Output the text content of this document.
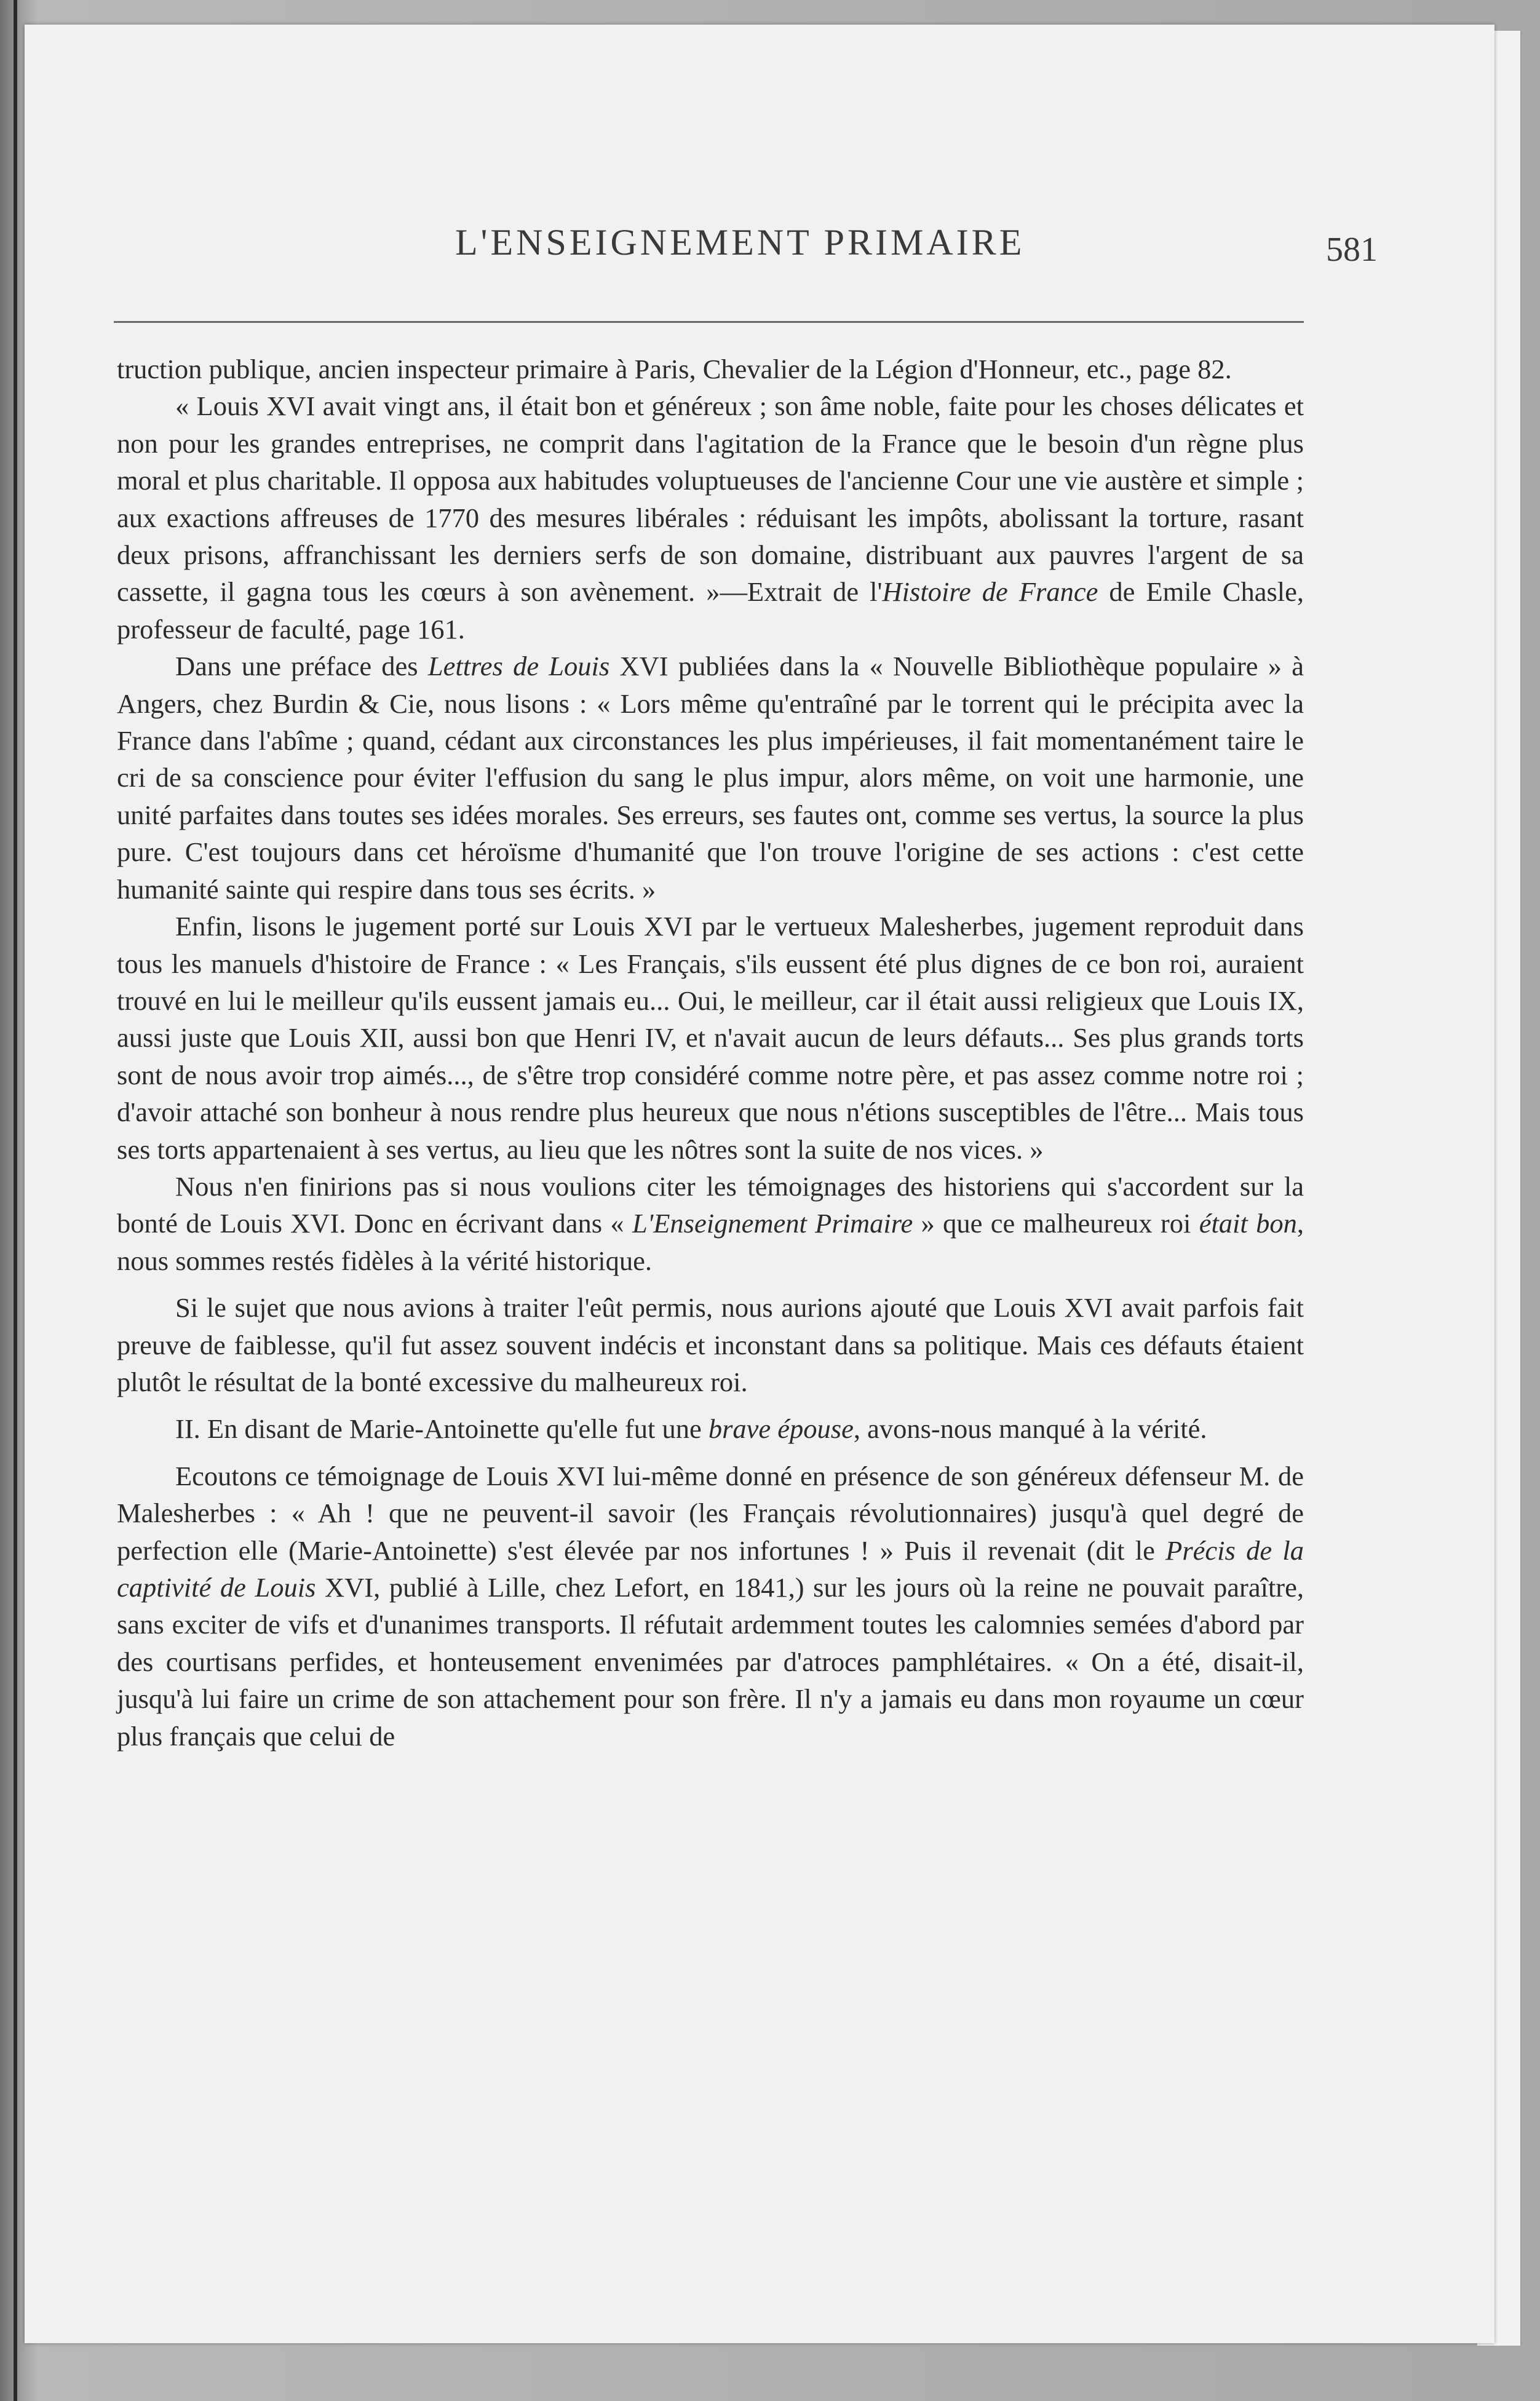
L'ENSEIGNEMENT PRIMAIRE	581

truction publique, ancien inspecteur primaire à Paris, Chevalier de la Légion d'Honneur, etc., page 82.

« Louis XVI avait vingt ans, il était bon et généreux ; son âme noble, faite pour les choses délicates et non pour les grandes entreprises, ne comprit dans l'agitation de la France que le besoin d'un règne plus moral et plus charitable. Il opposa aux habitudes voluptueuses de l'ancienne Cour une vie austère et simple ; aux exactions affreuses de 1770 des mesures libérales : réduisant les impôts, abolissant la torture, rasant deux prisons, affranchissant les derniers serfs de son domaine, distribuant aux pauvres l'argent de sa cassette, il gagna tous les cœurs à son avènement. »—Extrait de l'Histoire de France de Emile Chasle, professeur de faculté, page 161.

Dans une préface des Lettres de Louis XVI publiées dans la « Nouvelle Bibliothèque populaire » à Angers, chez Burdin & Cie, nous lisons : « Lors même qu'entraîné par le torrent qui le précipita avec la France dans l'abîme ; quand, cédant aux circonstances les plus impérieuses, il fait momentanément taire le cri de sa conscience pour éviter l'effusion du sang le plus impur, alors même, on voit une harmonie, une unité parfaites dans toutes ses idées morales. Ses erreurs, ses fautes ont, comme ses vertus, la source la plus pure. C'est toujours dans cet héroïsme d'humanité que l'on trouve l'origine de ses actions : c'est cette humanité sainte qui respire dans tous ses écrits. »

Enfin, lisons le jugement porté sur Louis XVI par le vertueux Malesherbes, jugement reproduit dans tous les manuels d'histoire de France : « Les Français, s'ils eussent été plus dignes de ce bon roi, auraient trouvé en lui le meilleur qu'ils eussent jamais eu... Oui, le meilleur, car il était aussi religieux que Louis IX, aussi juste que Louis XII, aussi bon que Henri IV, et n'avait aucun de leurs défauts... Ses plus grands torts sont de nous avoir trop aimés..., de s'être trop considéré comme notre père, et pas assez comme notre roi ; d'avoir attaché son bonheur à nous rendre plus heureux que nous n'étions susceptibles de l'être... Mais tous ses torts appartenaient à ses vertus, au lieu que les nôtres sont la suite de nos vices. »

Nous n'en finirions pas si nous voulions citer les témoignages des historiens qui s'accordent sur la bonté de Louis XVI. Donc en écrivant dans « L'Enseignement Primaire » que ce malheureux roi était bon, nous sommes restés fidèles à la vérité historique.

Si le sujet que nous avions à traiter l'eût permis, nous aurions ajouté que Louis XVI avait parfois fait preuve de faiblesse, qu'il fut assez souvent indécis et inconstant dans sa politique. Mais ces défauts étaient plutôt le résultat de la bonté excessive du malheureux roi.

II. En disant de Marie-Antoinette qu'elle fut une brave épouse, avons-nous manqué à la vérité.

Ecoutons ce témoignage de Louis XVI lui-même donné en présence de son généreux défenseur M. de Malesherbes : « Ah ! que ne peuvent-il savoir (les Français révolutionnaires) jusqu'à quel degré de perfection elle (Marie-Antoinette) s'est élevée par nos infortunes ! » Puis il revenait (dit le Précis de la captivité de Louis XVI, publié à Lille, chez Lefort, en 1841,) sur les jours où la reine ne pouvait paraître, sans exciter de vifs et d'unanimes transports. Il réfutait ardemment toutes les calomnies semées d'abord par des courtisans perfides, et honteusement envenimées par d'atroces pamphlétaires. « On a été, disait-il, jusqu'à lui faire un crime de son attachement pour son frère. Il n'y a jamais eu dans mon royaume un cœur plus français que celui de
